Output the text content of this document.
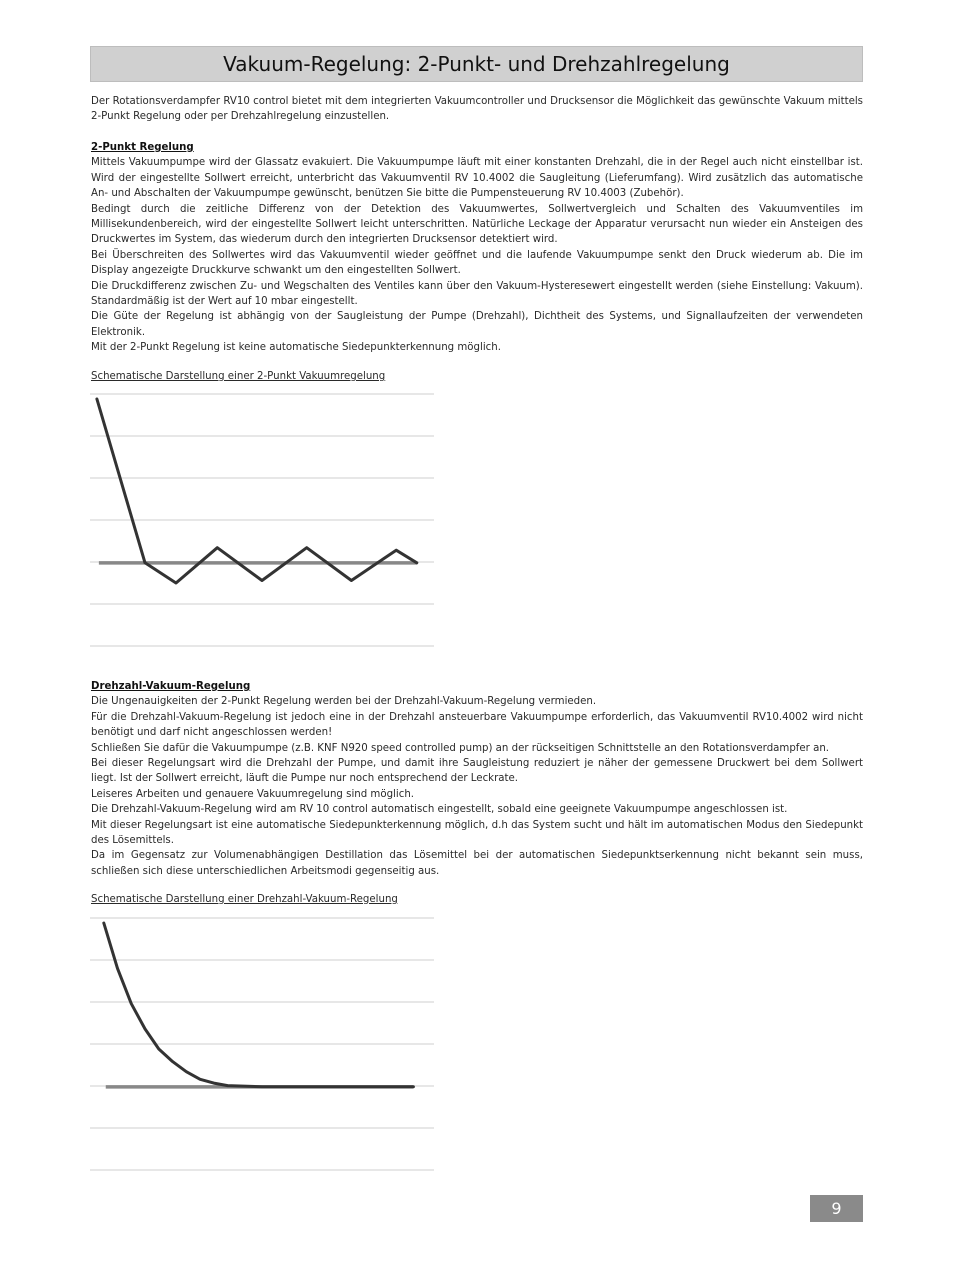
Vakuum-Regelung: 2-Punkt- und Drehzahlregelung

Der Rotationsverdampfer RV10 control bietet mit dem integrierten Vakuumcontroller und Drucksensor die Möglichkeit das gewünschte Vakuum mittels 2-Punkt Regelung oder per Drehzahlregelung einzustellen.

2-Punkt Regelung

Mittels Vakuumpumpe wird der Glassatz evakuiert. Die Vakuumpumpe läuft mit einer konstanten Drehzahl, die in der Regel auch nicht einstellbar ist. Wird der eingestellte Sollwert erreicht, unterbricht das Vakuumventil RV 10.4002 die Saugleitung (Lieferumfang). Wird zusätzlich das automatische An- und Abschalten der Vakuumpumpe gewünscht, benützen Sie bitte die Pumpensteuerung RV 10.4003 (Zubehör).

Bedingt durch die zeitliche Differenz von der Detektion des Vakuumwertes, Sollwertvergleich und Schalten des Vakuumventiles im Millisekundenbereich, wird der eingestellte Sollwert leicht unterschritten. Natürliche Leckage der Apparatur verursacht nun wieder ein Ansteigen des Druckwertes im System, das wiederum durch den integrierten Drucksensor detektiert wird.

Bei Überschreiten des Sollwertes wird das Vakuumventil wieder geöffnet und die laufende Vakuumpumpe senkt den Druck wiederum ab. Die im Display angezeigte Druckkurve schwankt um den eingestellten Sollwert.

Die Druckdifferenz zwischen Zu- und Wegschalten des Ventiles kann über den Vakuum-Hysteresewert eingestellt werden (siehe Einstellung: Vakuum). Standardmäßig ist der Wert auf 10 mbar eingestellt.

Die Güte der Regelung ist abhängig von der Saugleistung der Pumpe (Drehzahl), Dichtheit des Systems, und Signallaufzeiten der verwendeten Elektronik.

Mit der 2-Punkt Regelung ist keine automatische Siedepunkterkennung möglich.

Schematische Darstellung einer 2-Punkt Vakuumregelung

Drehzahl-Vakuum-Regelung

Die Ungenauigkeiten der 2-Punkt Regelung werden bei der Drehzahl-Vakuum-Regelung vermieden.

Für die Drehzahl-Vakuum-Regelung ist jedoch eine in der Drehzahl ansteuerbare Vakuumpumpe erforderlich, das Vakuumventil RV10.4002 wird nicht benötigt und darf nicht angeschlossen werden!

Schließen Sie dafür die Vakuumpumpe (z.B. KNF N920 speed controlled pump) an der rückseitigen Schnittstelle an den Rotationsverdampfer an.

Bei dieser Regelungsart wird die Drehzahl der Pumpe, und damit ihre Saugleistung reduziert je näher der gemessene Druckwert bei dem Sollwert liegt. Ist der Sollwert erreicht, läuft die Pumpe nur noch entsprechend der Leckrate.

Leiseres Arbeiten und genauere Vakuumregelung sind möglich.

Die Drehzahl-Vakuum-Regelung wird am RV 10 control automatisch eingestellt, sobald eine geeignete Vakuumpumpe angeschlossen ist.

Mit dieser Regelungsart ist eine automatische Siedepunkterkennung möglich, d.h das System sucht und hält im automatischen Modus den Siedepunkt des Lösemittels.

Da im Gegensatz zur Volumenabhängigen Destillation das Lösemittel bei der automatischen Siedepunktserkennung nicht bekannt sein muss, schließen sich diese unterschiedlichen Arbeitsmodi gegenseitig aus.

Schematische Darstellung einer Drehzahl-Vakuum-Regelung
9
